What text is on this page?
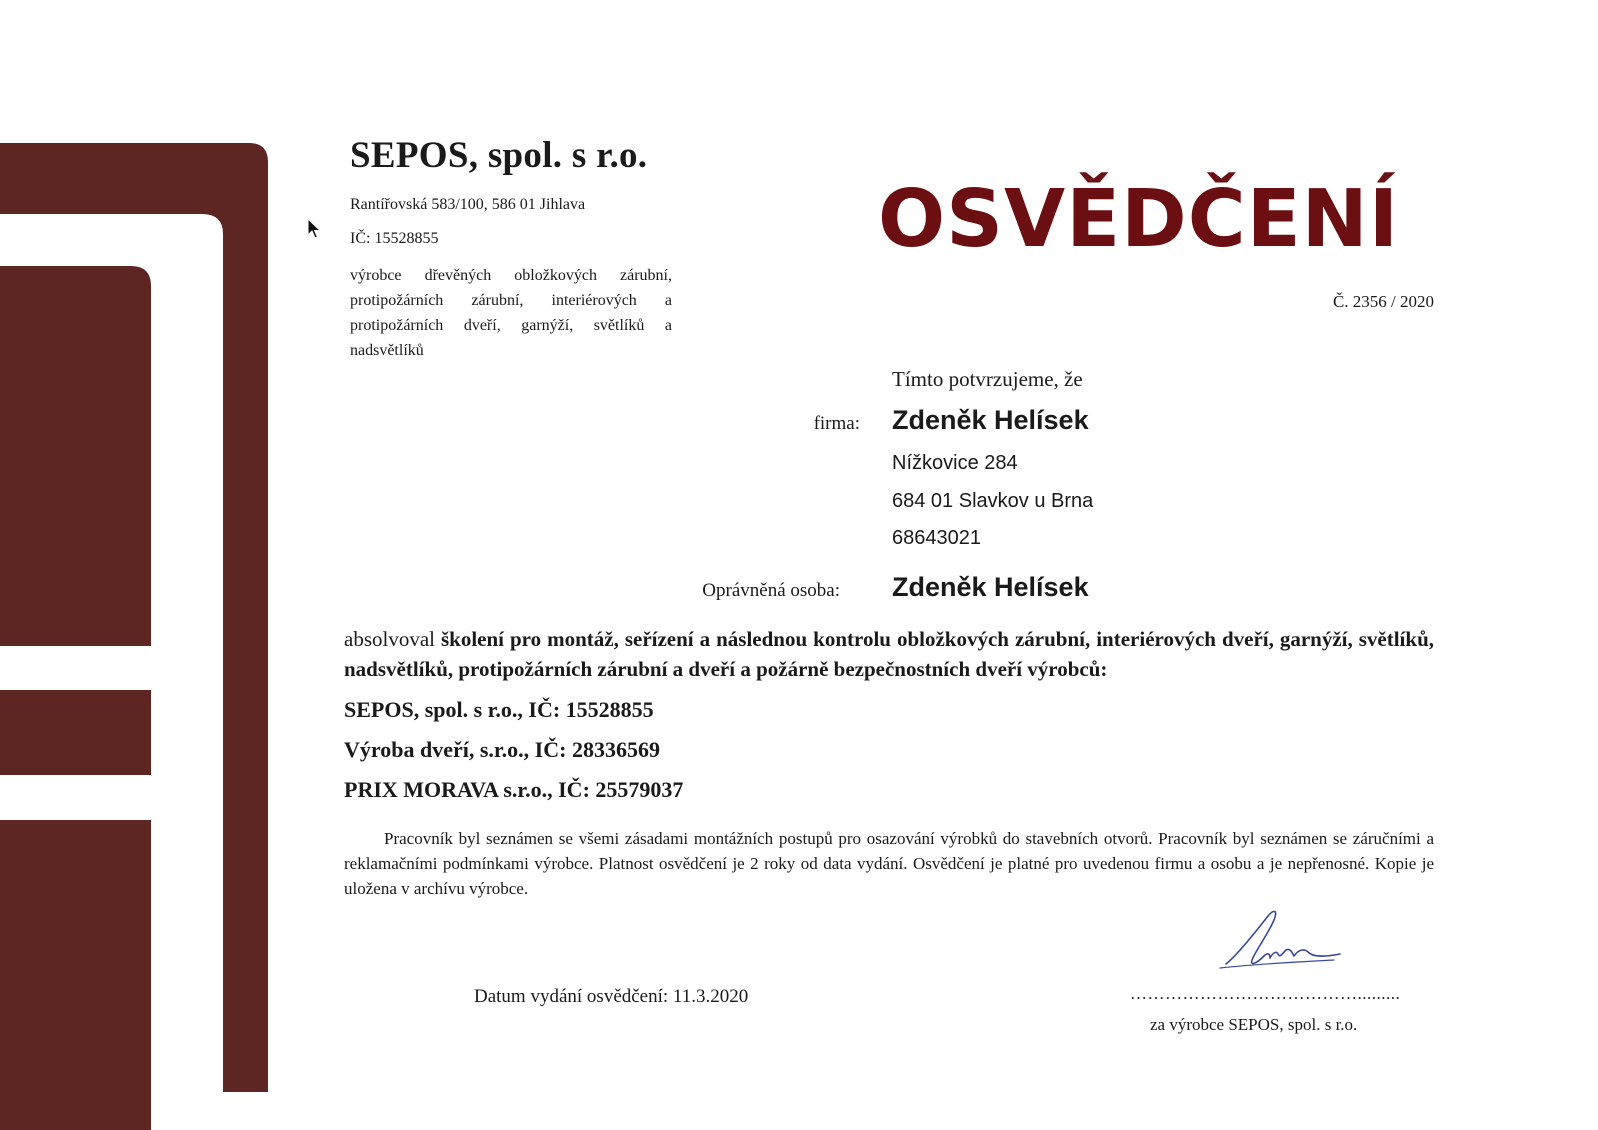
SEPOS, spol. s r.o.
Rantířovská 583/100, 586 01 Jihlava
IČ: 15528855
výrobce dřevěných obložkových zárubní, protipožárních zárubní, interiérových a protipožárních dveří, garnýží, světlíků a nadsvětlíků
OSVĚDČENÍ
Č. 2356 / 2020
Tímto potvrzujeme, že
firma: Zdeněk Helísek
Nížkovice 284
684 01 Slavkov u Brna
68643021
Oprávněná osoba: Zdeněk Helísek
absolvoval školení pro montáž, seřízení a následnou kontrolu obložkových zárubní, interiérových dveří, garnýží, světlíků, nadsvětlíků, protipožárních zárubní a dveří a požárně bezpečnostních dveří výrobců:
SEPOS, spol. s r.o., IČ: 15528855
Výroba dveří, s.r.o., IČ: 28336569
PRIX MORAVA s.r.o., IČ: 25579037
Pracovník byl seznámen se všemi zásadami montážních postupů pro osazování výrobků do stavebních otvorů. Pracovník byl seznámen se záručními a reklamačními podmínkami výrobce. Platnost osvědčení je 2 roky od data vydání. Osvědčení je platné pro uvedenou firmu a osobu a je nepřenosné. Kopie je uložena v archívu výrobce.
Datum vydání osvědčení: 11.3.2020	………………………………….........
za výrobce SEPOS, spol. s r.o.
